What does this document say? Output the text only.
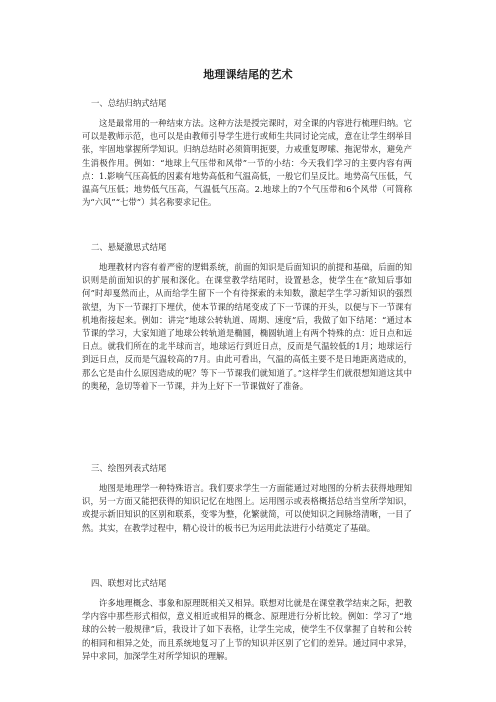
地理课结尾的艺术

一、总结归纳式结尾

这是最常用的一种结束方法。这种方法是授完课时，对全课的内容进行梳理归纳。它可以是教师示范，也可以是由教师引导学生进行或师生共同讨论完成，意在让学生纲举目张，牢固地掌握所学知识。归纳总结时必须简明扼要，力戒重复啰嗦、拖泥带水，避免产生消极作用。例如：“地球上气压带和风带”一节的小结：今天我们学习的主要内容有两点：1.影响气压高低的因素有地势高低和气温高低，一般它们呈反比。地势高气压低，气温高气压低；地势低气压高，气温低气压高。2.地球上的7个气压带和6个风带（可简称为“六风”“七带”）其名称要求记住。

二、悬疑激思式结尾

地理教材内容有着严密的逻辑系统，前面的知识是后面知识的前提和基础，后面的知识则是前面知识的扩展和深化。在课堂教学结尾时，设置悬念，使学生在“欲知后事如何”时却戛然而止，从而给学生留下一个有待探索的未知数，激起学生学习新知识的强烈欲望，为下一节课打下埋伏，使本节课的结尾变成了下一节课的开头，以便与下一节课有机地衔接起来。例如：讲完“地球公转轨道、周期、速度”后，我做了如下结尾：“通过本节课的学习，大家知道了地球公转轨道是椭圆，椭圆轨道上有两个特殊的点：近日点和远日点。就我们所在的北半球而言，地球运行到近日点，反而是气温较低的1月；地球运行到远日点，反而是气温较高的7月。由此可看出，气温的高低主要不是日地距离造成的，那么它是由什么原因造成的呢？等下一节课我们就知道了。”这样学生们就很想知道这其中的奥秘，急切等着下一节课，并为上好下一节课做好了准备。

三、绘图列表式结尾

地图是地理学一种特殊语言。我们要求学生一方面能通过对地图的分析去获得地理知识，另一方面又能把获得的知识记忆在地图上。运用图示或表格概括总结当堂所学知识，或提示新旧知识的区别和联系，变零为整，化繁就简，可以使知识之间脉络清晰，一目了然。其实，在教学过程中，精心设计的板书已为运用此法进行小结奠定了基础。

四、联想对比式结尾

许多地理概念、事象和原理既相关又相异。联想对比就是在课堂教学结束之际，把教学内容中那些形式相似，意义相近或相异的概念、原理进行分析比较。例如：学习了“地球的公转一般规律”后，我设计了如下表格，让学生完成，使学生不仅掌握了自转和公转的相同和相异之处，而且系统地复习了上节的知识并区别了它们的差异。通过同中求异，异中求同，加深学生对所学知识的理解。
